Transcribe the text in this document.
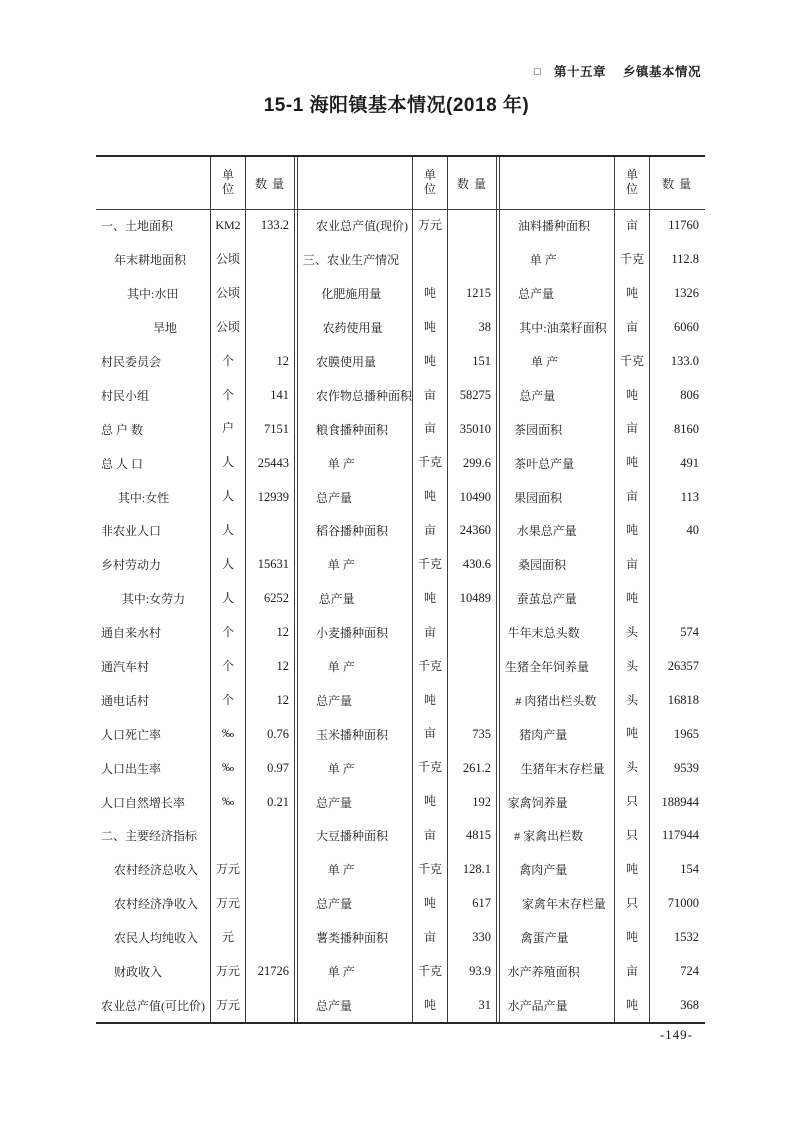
□ 第十五章 乡镇基本情况
15-1 海阳镇基本情况(2018 年)
单
位	数 量
一、土地面积	KM2	133.2
年末耕地面积	公顷
其中:水田	公顷
旱地	公顷
村民委员会	个	12
村民小组	个	141
总 户 数	户	7151
总 人 口	人	25443
其中:女性	人	12939
非农业人口	人
乡村劳动力	人	15631
其中:女劳力	人	6252
通自来水村	个	12
通汽车村	个	12
通电话村	个	12
人口死亡率	‰	0.76
人口出生率	‰	0.97
人口自然增长率	‰	0.21
二、主要经济指标
农村经济总收入	万元
农村经济净收入	万元
农民人均纯收入	元
财政收入	万元	21726
农业总产值(可比价) 万元
单
位	数 量
农业总产值(现价) 万元
三、农业生产情况
化肥施用量	吨	1215
农药使用量	吨	38
农膜使用量	吨	151
农作物总播种面积 亩	58275
粮食播种面积	亩	35010
单 产	千克	299.6
总产量	吨	10490
稻谷播种面积	亩	24360
单 产	千克	430.6
总产量	吨	10489
小麦播种面积	亩
单 产	千克
总产量	吨
玉米播种面积	亩	735
单 产	千克	261.2
总产量	吨	192
大豆播种面积	亩	4815
单 产	千克	128.1
总产量	吨	617
薯类播种面积	亩	330
单 产	千克	93.9
总产量	吨	31
单
位	数 量
油料播种面积	亩	11760
单 产	千克	112.8
总产量	吨	1326
其中:油菜籽面积	亩	6060
单 产	千克	133.0
总产量	吨	806
茶园面积	亩	8160
茶叶总产量	吨	491
果园面积	亩	113
水果总产量	吨	40
桑园面积	亩
蚕茧总产量	吨
牛年末总头数	头	574
生猪全年饲养量	头	26357
# 肉猪出栏头数	头	16818
猪肉产量	吨	1965
生猪年末存栏量	头	9539
家禽饲养量	只	188944
# 家禽出栏数	只	117944
禽肉产量	吨	154
家禽年末存栏量	只	71000
禽蛋产量	吨	1532
水产养殖面积	亩	724
水产品产量	吨	368
-149-
